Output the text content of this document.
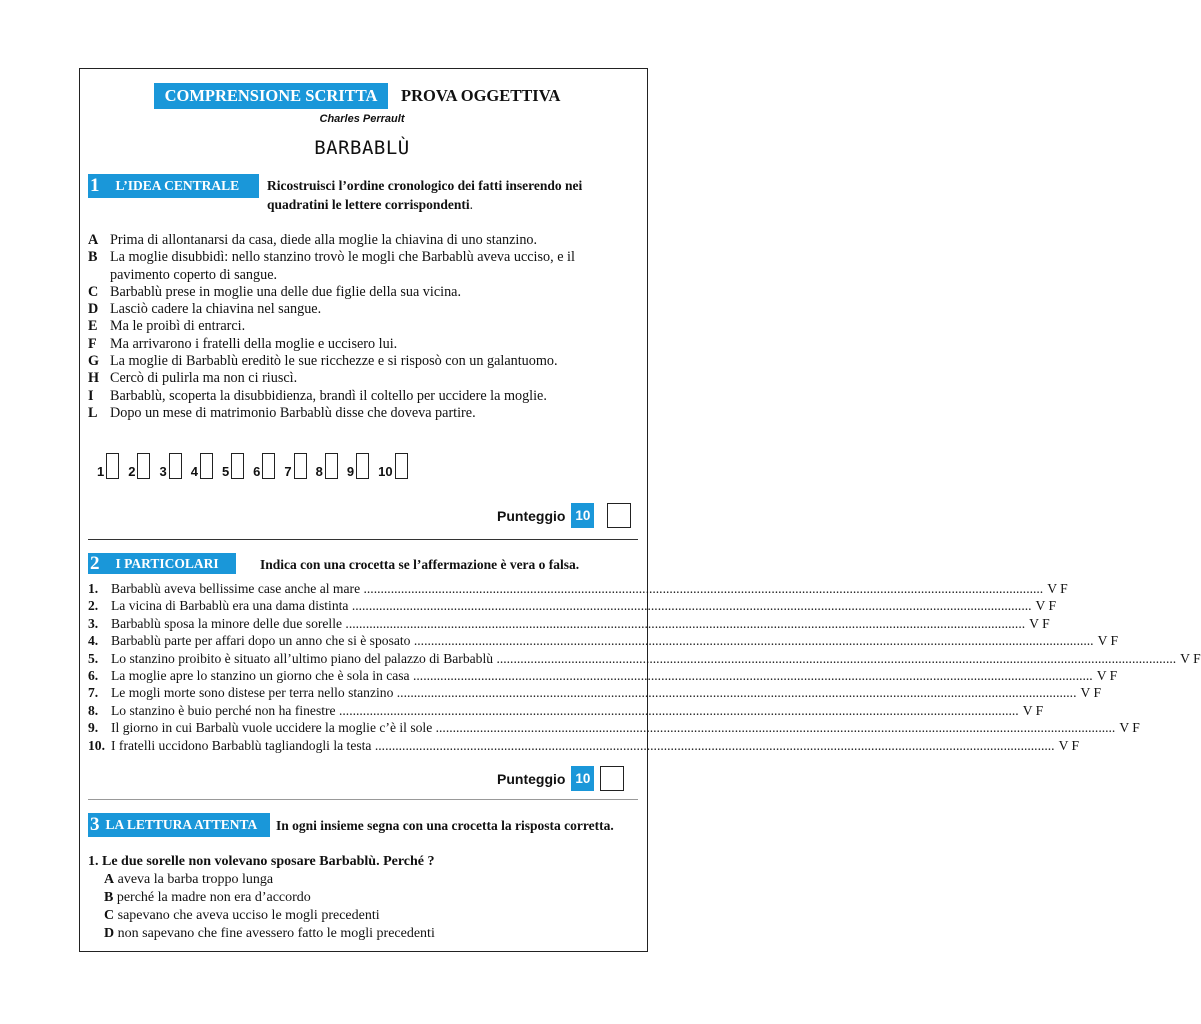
COMPRENSIONE SCRITTA	PROVA OGGETTIVA
Charles Perrault
BARBABLÙ
1 L’IDEA CENTRALE Ricostruisci l’ordine cronologico dei fatti inserendo nei
quadratini le lettere corrispondenti.
A Prima di allontanarsi da casa, diede alla moglie la chiavina di uno stanzino.
B La moglie disubbidì: nello stanzino trovò le mogli che Barbablù aveva ucciso, e il pavimento coperto di sangue.
C Barbablù prese in moglie una delle due figlie della sua vicina.
D Lasciò cadere la chiavina nel sangue.
E Ma le proibì di entrarci.
F Ma arrivarono i fratelli della moglie e uccisero lui.
G La moglie di Barbablù ereditò le sue ricchezze e si risposò con un galantuomo.
H Cercò di pulirla ma non ci riuscì.
I	Barbablù, scoperta la disubbidienza, brandì il coltello per uccidere la moglie.
L Dopo un mese di matrimonio Barbablù disse che doveva partire.
1 2 3 4 5 6 7 8 9 10
Punteggio 10
2 I PARTICOLARI	Indica con una crocetta se l’affermazione è vera o falsa.
1. Barbablù aveva bellissime case anche al mare ........................................................................................................................................................................................................ V F
2. La vicina di Barbablù era una dama distinta ........................................................................................................................................................................................................ V F
3. Barbablù sposa la minore delle due sorelle ........................................................................................................................................................................................................ V F
4. Barbablù parte per affari dopo un anno che si è sposato ........................................................................................................................................................................................................ V F
5. Lo stanzino proibito è situato all’ultimo piano del palazzo di Barbablù ........................................................................................................................................................................................................ V F
6. La moglie apre lo stanzino un giorno che è sola in casa ........................................................................................................................................................................................................ V F
7. Le mogli morte sono distese per terra nello stanzino ........................................................................................................................................................................................................ V F
8. Lo stanzino è buio perché non ha finestre ........................................................................................................................................................................................................ V F
9. Il giorno in cui Barbalù vuole uccidere la moglie c’è il sole ........................................................................................................................................................................................................ V F
10. I fratelli uccidono Barbablù tagliandogli la testa ........................................................................................................................................................................................................ V F
Punteggio 10
3 LA LETTURA ATTENTA In ogni insieme segna con una crocetta la risposta corretta.
1. Le due sorelle non volevano sposare Barbablù. Perché ?
A aveva la barba troppo lunga
B perché la madre non era d’accordo
C sapevano che aveva ucciso le mogli precedenti
D non sapevano che fine avessero fatto le mogli precedenti
